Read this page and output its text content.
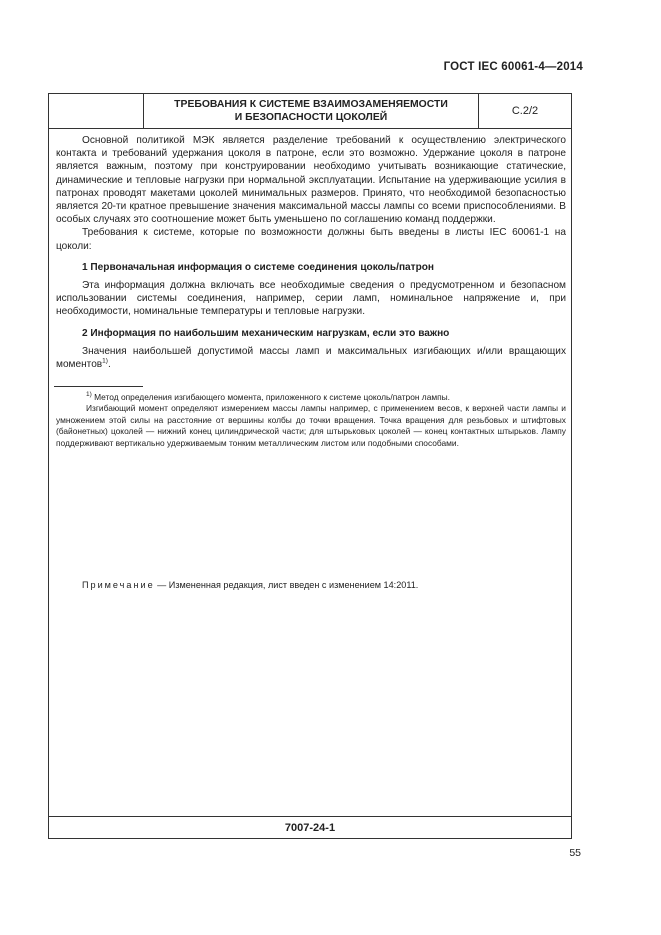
ГОСТ IEC 60061-4—2014
ТРЕБОВАНИЯ К СИСТЕМЕ ВЗАИМОЗАМЕНЯЕМОСТИ
И БЕЗОПАСНОСТИ ЦОКОЛЕЙ
С.2/2

Основной политикой МЭК является разделение требований к осуществлению электрического контакта и требований удержания цоколя в патроне, если это возможно. Удержание цоколя в патроне является важным, поэтому при конструировании необходимо учитывать возникающие статические, динамические и тепловые нагрузки при нормальной эксплуатации. Испытание на удерживающие усилия в патронах проводят макетами цоколей минимальных размеров. Принято, что необходимой безопасностью является 20-ти кратное превышение значения максимальной массы лампы со всеми приспособлениями. В особых случаях это соотношение может быть уменьшено по соглашению команд поддержки.

Требования к системе, которые по возможности должны быть введены в листы IEC 60061-1 на цоколи:

1 Первоначальная информация о системе соединения цоколь/патрон

Эта информация должна включать все необходимые сведения о предусмотренном и безопасном использовании системы соединения, например, серии ламп, номинальное напряжение и, при необходимости, номинальные температуры и тепловые нагрузки.

2 Информация по наибольшим механическим нагрузкам, если это важно

Значения наибольшей допустимой массы ламп и максимальных изгибающих и/или вращающих моментов$^{1)}$.

$^{1)}$ Метод определения изгибающего момента, приложенного к системе цоколь/патрон лампы.

Изгибающий момент определяют измерением массы лампы например, с применением весов, к верхней части лампы и умножением этой силы на расстояние от вершины колбы до точки вращения. Точка вращения для резьбовых и штифтовых (байонетных) цоколей — нижний конец цилиндрической части; для штырьковых цоколей — конец контактных штырьков. Лампу поддерживают вертикально удерживаемым тонким металлическим листом или подобными способами.

Примечание — Измененная редакция, лист введен с изменением 14:2011.
7007-24-1
55
